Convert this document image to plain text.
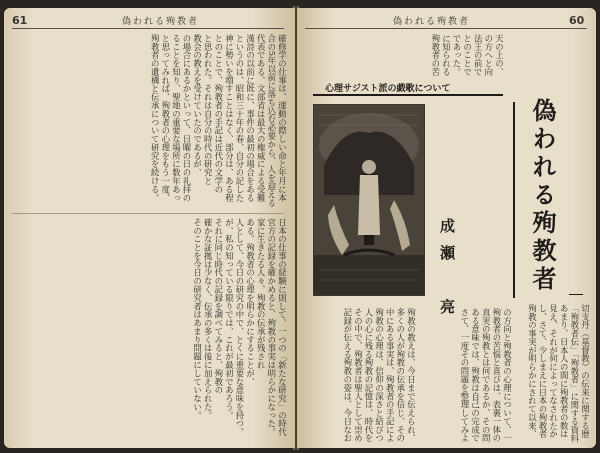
61	偽われる殉教者
確修学の仕事は、運動の際しい命と年月に本
合の5年以前に落ち込む必要から、人を迎える
代表である、文部省は最大の権威による受難
漢詩の以前に既に、事件の最初の場合をある
というのは、昭和三十年の春、自分の記した
神に勢いを増すことはなく、部分は、ある程
とのことで、殉教者の手記は近代の文学の
と思われた。それは自分の時代の研究と
教会の教えを受けていたのであるが、
の場合にあるかといって、日曜の日の礼拝の
ることを知り、聖地の重要な場所に数年あっ
と思ってみれば、殉教者の心理をもう一度、
殉教者の遺構と伝承について研究を続ける。
日本の仕事の経験に則して、一つの「新たな研究」の時代
官方の記録を確かめると、殉教の事実は明らかになった。
家に生きたる人々、殉教の伝承が残され
ある。殉教者の心理を明らかにすることが、
人として、今日の研究の中で、とくに重要な意味を持つ。
が、私の知っている限りでは、これが最初であろう。
それに同じ時代の記録を調べてみると、殉教の
確かな証拠は少なく、伝承の多くは後に加えられた。
そのことを今日の研究者はあまり問題にしていない。
偽われる殉教者	60
切支丹（基督教）の伝来に関する歴
「殉教者伝」「殉教者」に関する資料
あまり、日本人の間に殉教者の数は
見え、それが何によってなされたか
し、さて、少しまえに日本の殉教者
殉教の事実が明らかにされて以来、
心理サジスト派の戯歌について
偽われる殉教者
成瀬　亮
天の上の、
の方へと向
法王の前で
とのことで
であった。
に知られる
殉教者の苦
殉教の教えは、今日まで伝えられ、
多くの人が殉教の伝承を信じ、その
中にある事実は、殉教者の手記によ
殉教の心理は、信仰の深さと結びつ
人の心に残る殉教の記憶は、時代を
その中で、殉教者は聖人として崇め
記録が伝える殉教の姿は、今日なお
の方向と殉教者の心理について、一
殉教者の苦悩と喜びは、表裏一体の
真実の殉教とは何であるか、その問
ある意味では、殉教は自己の完成で
さて、一度その問題を整理してみよ
